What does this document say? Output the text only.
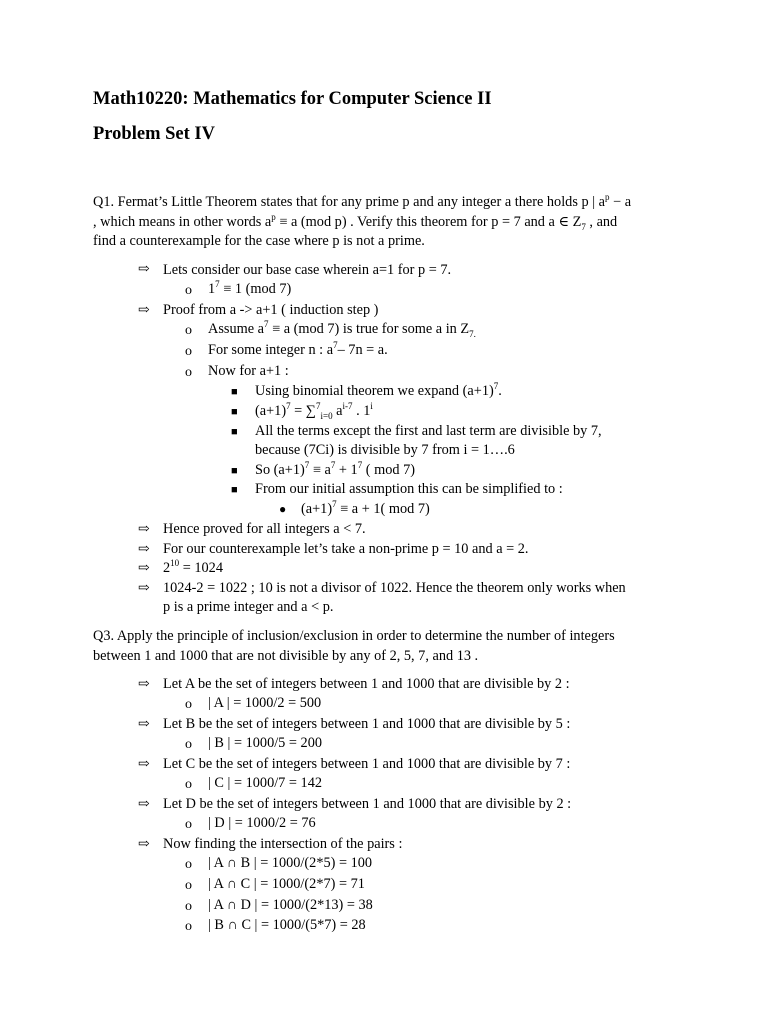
Math10220: Mathematics for Computer Science II
Problem Set IV
Q1. Fermat’s Little Theorem states that for any prime p and any integer a there holds p | $a^p - a$
, which means in other words $a^p \equiv a$ (mod p) . Verify this theorem for p = 7 and a ∈ $Z_7$ , and
find a counterexample for the case where p is not a prime.
⇨ Lets consider our base case wherein a=1 for p = 7.
o $1^7 \equiv 1$ (mod 7)
⇨ Proof from a -> a+1 ( induction step )
o Assume $a^7 \equiv a$ (mod 7) is true for some a in $Z_{7.}$
o For some integer n : $a^7-$ 7n = a.
o Now for a+1 :
■ Using binomial theorem we expand $(a+1)^7$.
■ $(a+1)^7 = \sum^7_{i=0}$ $a^{i-7}$ . 1$^i$
■ All the terms except the first and last term are divisible by 7,
because (7Ci) is divisible by 7 from i = 1….6
■ So $(a+1)^7 \equiv a^7 + 1^7$ ( mod 7)
■ From our initial assumption this can be simplified to :
● $(a+1)^7 \equiv a + 1$( mod 7)
⇨ Hence proved for all integers a < 7.
⇨ For our counterexample let’s take a non-prime p = 10 and a = 2.
⇨ $2^{10} = 1024$
⇨ 1024-2 = 1022 ; 10 is not a divisor of 1022. Hence the theorem only works when
p is a prime integer and a < p.
Q3. Apply the principle of inclusion/exclusion in order to determine the number of integers
between 1 and 1000 that are not divisible by any of 2, 5, 7, and 13 .
⇨ Let A be the set of integers between 1 and 1000 that are divisible by 2 :
o | A | = 1000/2 = 500
⇨ Let B be the set of integers between 1 and 1000 that are divisible by 5 :
o | B | = 1000/5 = 200
⇨ Let C be the set of integers between 1 and 1000 that are divisible by 7 :
o | C | = 1000/7 = 142
⇨ Let D be the set of integers between 1 and 1000 that are divisible by 2 :
o | D | = 1000/2 = 76
⇨ Now finding the intersection of the pairs :
o | A ∩ B | = 1000/(2*5) = 100
o | A ∩ C | = 1000/(2*7) = 71
o | A ∩ D | = 1000/(2*13) = 38
o | B ∩ C | = 1000/(5*7) = 28
